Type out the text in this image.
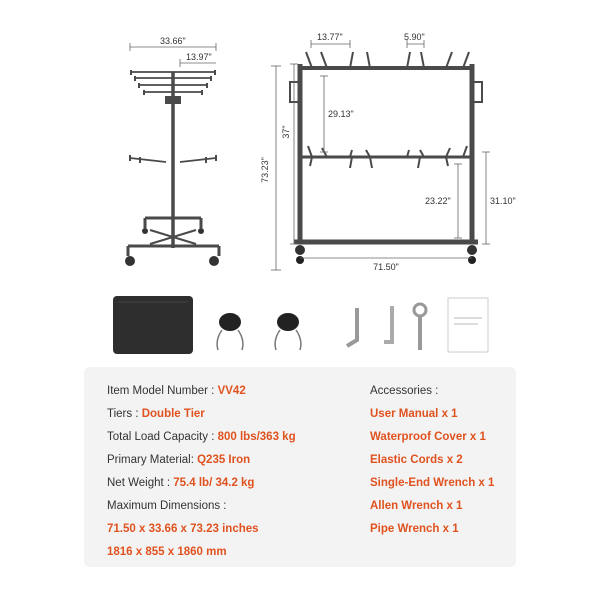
33.66"
13.97"
73.23"
13.77"	5.90"
37"
29.13"
23.22"	31.10"
71.50"
Item Model Number : VV42
Tiers : Double Tier
Total Load Capacity : 800 lbs/363 kg
Primary Material: Q235 Iron
Net Weight : 75.4 lb/ 34.2 kg
Maximum Dimensions :
71.50 x 33.66 x 73.23 inches
1816 x 855 x 1860 mm
Accessories :
User Manual x 1
Waterproof Cover x 1
Elastic Cords x 2
Single-End Wrench x 1
Allen Wrench x 1
Pipe Wrench x 1
